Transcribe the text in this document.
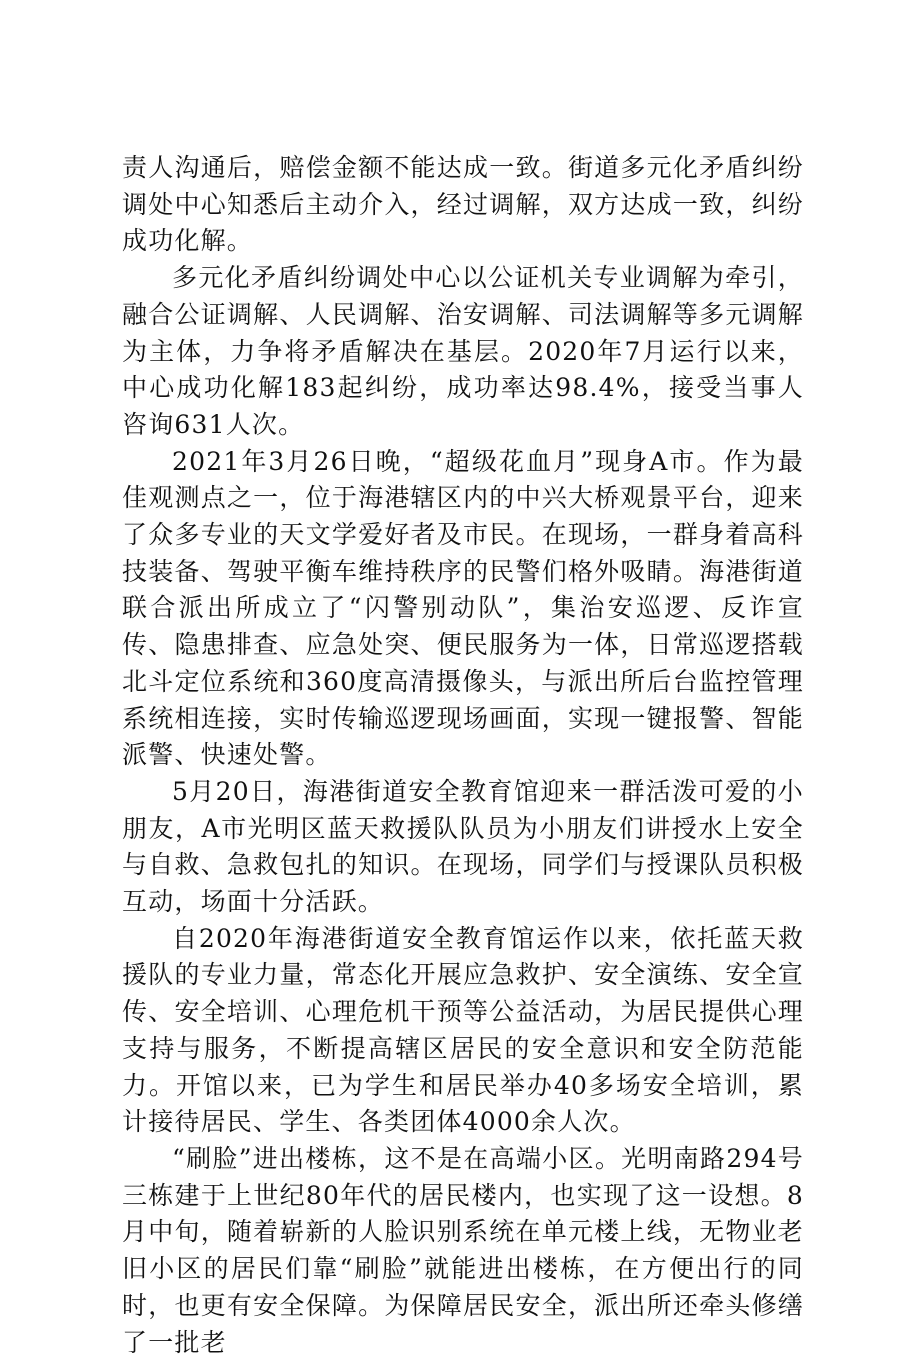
责人沟通后，赔偿金额不能达成一致。街道多元化矛盾纠纷调处中心知悉后主动介入，经过调解，双方达成一致，纠纷成功化解。

多元化矛盾纠纷调处中心以公证机关专业调解为牵引，融合公证调解、人民调解、治安调解、司法调解等多元调解为主体，力争将矛盾解决在基层。2020年7月运行以来，中心成功化解183起纠纷，成功率达98.4%，接受当事人咨询631人次。

2021年3月26日晚，“超级花血月”现身A市。作为最佳观测点之一，位于海港辖区内的中兴大桥观景平台，迎来了众多专业的天文学爱好者及市民。在现场，一群身着高科技装备、驾驶平衡车维持秩序的民警们格外吸睛。海港街道联合派出所成立了“闪警别动队”，集治安巡逻、反诈宣传、隐患排查、应急处突、便民服务为一体，日常巡逻搭载北斗定位系统和360度高清摄像头，与派出所后台监控管理系统相连接，实时传输巡逻现场画面，实现一键报警、智能派警、快速处警。

5月20日，海港街道安全教育馆迎来一群活泼可爱的小朋友，A市光明区蓝天救援队队员为小朋友们讲授水上安全与自救、急救包扎的知识。在现场，同学们与授课队员积极互动，场面十分活跃。

自2020年海港街道安全教育馆运作以来，依托蓝天救援队的专业力量，常态化开展应急救护、安全演练、安全宣传、安全培训、心理危机干预等公益活动，为居民提供心理支持与服务，不断提高辖区居民的安全意识和安全防范能力。开馆以来，已为学生和居民举办40多场安全培训，累计接待居民、学生、各类团体4000余人次。

“刷脸”进出楼栋，这不是在高端小区。光明南路294号三栋建于上世纪80年代的居民楼内，也实现了这一设想。8月中旬，随着崭新的人脸识别系统在单元楼上线，无物业老旧小区的居民们靠“刷脸”就能进出楼栋，在方便出行的同时，也更有安全保障。为保障居民安全，派出所还牵头修缮了一批老
